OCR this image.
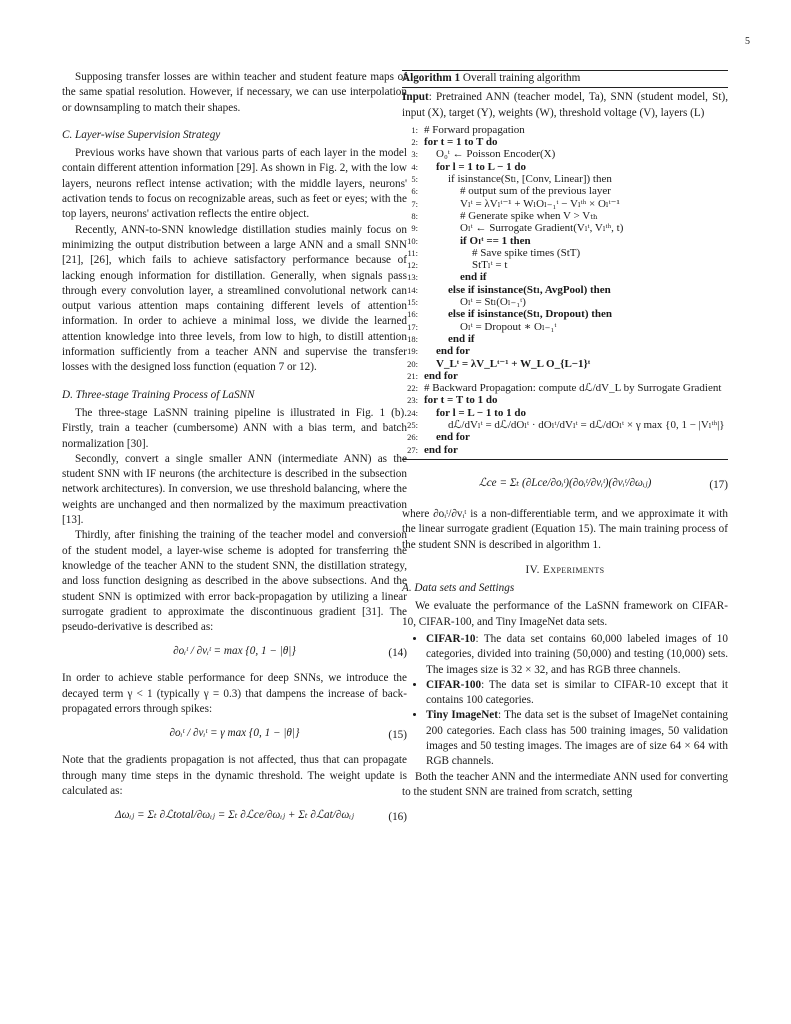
5

Supposing transfer losses are within teacher and student feature maps of the same spatial resolution. However, if necessary, we can use interpolation or downsampling to match their shapes.

C. Layer-wise Supervision Strategy

Previous works have shown that various parts of each layer in the model contain different attention information [29]. As shown in Fig. 2, with the low layers, neurons reflect intense activation; with the middle layers, neurons' activation tends to focus on recognizable areas, such as feet or eyes; with the top layers, neurons' activation reflects the entire object.

Recently, ANN-to-SNN knowledge distillation studies mainly focus on minimizing the output distribution between a large ANN and a small SNN [21], [26], which fails to achieve satisfactory performance because of lacking enough information for distillation. Generally, when signals pass through every convolution layer, a streamlined convolutional network can output various attention maps containing different levels of attention information. In order to achieve a minimal loss, we divide the learned attention knowledge into three levels, from low to high, to distill attention information sufficiently from a teacher ANN and supervise the transfer losses with the designed loss function (equation 7 or 12).

D. Three-stage Training Process of LaSNN

The three-stage LaSNN training pipeline is illustrated in Fig. 1 (b). Firstly, train a teacher (cumbersome) ANN with a bias term, and batch normalization [30].

Secondly, convert a single smaller ANN (intermediate ANN) as the student SNN with IF neurons (the architecture is described in the subsection network architectures). In conversion, we use threshold balancing, where the weights are unchanged and then normalized by the maximum preactivation [13].

Thirdly, after finishing the training of the teacher model and conversion of the student model, a layer-wise scheme is adopted for transferring the knowledge of the teacher ANN to the student SNN, the distillation strategy, and loss function designing as described in the above subsections. And the student SNN is optimized with error back-propagation by utilizing a linear surrogate gradient to approximate the discontinuous gradient [31]. The pseudo-derivative is described as:

∂oᵢᵗ / ∂vᵢᵗ = max {0, 1 − |θ|}	(14)

In order to achieve stable performance for deep SNNs, we introduce the decayed term γ < 1 (typically γ = 0.3) that dampens the increase of back-propagated errors through spikes:

∂oᵢᵗ / ∂vᵢᵗ = γ max {0, 1 − |θ|}	(15)

Note that the gradients propagation is not affected, thus that can propagate through many time steps in the dynamic threshold. The weight update is calculated as:

Δωᵢⱼ = Σₜ ∂ℒtotal/∂ωᵢⱼ = Σₜ ∂ℒce/∂ωᵢⱼ + Σₜ ∂ℒat/∂ωᵢⱼ	(16)
Algorithm 1 Overall training algorithm
Input: Pretrained ANN (teacher model, Ta), SNN (student model, St), input (X), target (Y), weights (W), threshold voltage (V), layers (L)
1: # Forward propagation
2: for t = 1 to T do
3: O₀ᵗ ← Poisson Encoder(X)
4: for l = 1 to L − 1 do
5:	if isinstance(Stₗ, [Conv, Linear]) then
6:	# output sum of the previous layer
7:	Vₗᵗ = λVₗᵗ⁻¹ + WₗOₗ₋₁ᵗ − Vₗᵗʰ × Oₗᵗ⁻¹
8:	# Generate spike when V > Vₜₕ
9:	Oₗᵗ ← Surrogate Gradient(Vₗᵗ, Vₗᵗʰ, t)
10:	if Oₗᵗ == 1 then
11:	# Save spike times (StT)
12:	StTₗᵗ = t
13:	end if
14:	else if isinstance(Stₗ, AvgPool) then
15:	Oₗᵗ = Stₗ(Oₗ₋₁ᵗ)
16:	else if isinstance(Stₗ, Dropout) then
17:	Oₗᵗ = Dropout ∗ Oₗ₋₁ᵗ
18:	end if
19: end for
20: V_Lᵗ = λV_Lᵗ⁻¹ + W_L O_{L−1}ᵗ
21: end for
22: # Backward Propagation: compute dℒ/dV_L by Surrogate Gradient
23: for t = T to 1 do
24: for l = L − 1 to 1 do
25:	dℒ/dVₗᵗ = dℒ/dOₗᵗ · dOₗᵗ/dVₗᵗ = dℒ/dOₗᵗ × γ max {0, 1 − |Vₗᵗʰ|}
26: end for
27: end for
ℒce = Σₜ (∂Lce/∂oᵢᵗ)(∂oᵢᵗ/∂vᵢᵗ)(∂vᵢᵗ/∂ωᵢⱼ)	(17)

where ∂oᵢᵗ/∂vᵢᵗ is a non-differentiable term, and we approximate it with the linear surrogate gradient (Equation 15). The main training process of the student SNN is described in algorithm 1.

IV. Experiments
A. Data sets and Settings

We evaluate the performance of the LaSNN framework on CIFAR-10, CIFAR-100, and Tiny ImageNet data sets.

• CIFAR-10: The data set contains 60,000 labeled images of 10 categories, divided into training (50,000) and testing (10,000) sets. The images size is 32 × 32, and has RGB three channels.
• CIFAR-100: The data set is similar to CIFAR-10 except that it contains 100 categories.
• Tiny ImageNet: The data set is the subset of ImageNet containing 200 categories. Each class has 500 training images, 50 validation images and 50 testing images. The images are of size 64 × 64 with RGB channels.

Both the teacher ANN and the intermediate ANN used for converting to the student SNN are trained from scratch, setting
